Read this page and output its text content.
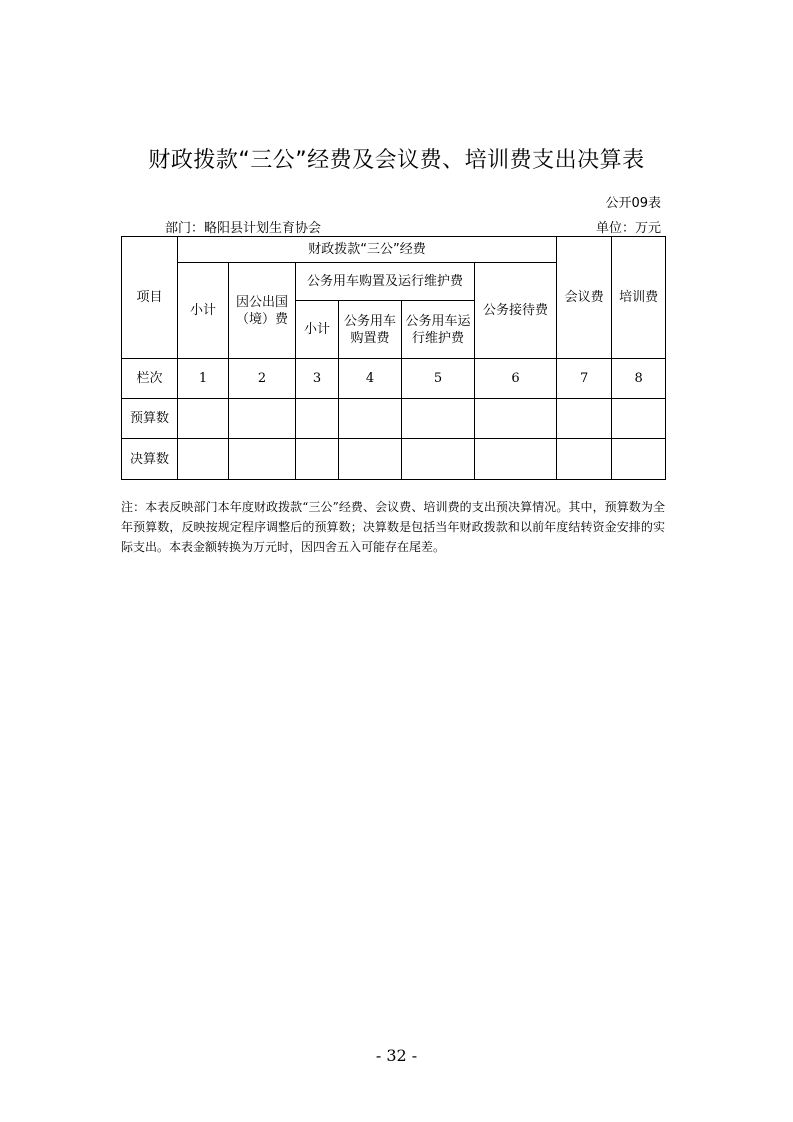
财政拨款“三公”经费及会议费、培训费支出决算表
公开09表
部门：略阳县计划生育协会	单位：万元
项目	财政拨款“三公”经费						会议费	培训费
	小计	因公出国（境）费	公务用车购置及运行维护费			公务接待费		
			小计	公务用车购置费	公务用车运行维护费			

栏次	1	2	3	4	5	6	7	8
预算数								
决算数								
注：本表反映部门本年度财政拨款“三公”经费、会议费、培训费的支出预决算情况。其中，预算数为全年预算数，反映按规定程序调整后的预算数；决算数是包括当年财政拨款和以前年度结转资金安排的实际支出。本表金额转换为万元时，因四舍五入可能存在尾差。
- 32 -
